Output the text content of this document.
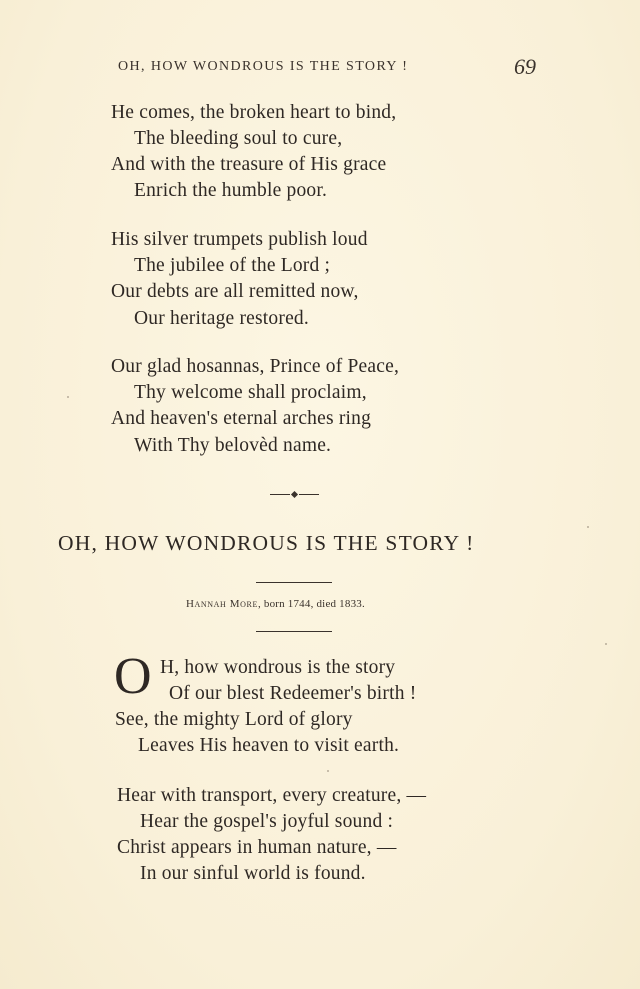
OH, HOW WONDROUS IS THE STORY !	69
He comes, the broken heart to bind,
The bleeding soul to cure,
And with the treasure of His grace
Enrich the humble poor.
His silver trumpets publish loud
The jubilee of the Lord ;
Our debts are all remitted now,
Our heritage restored.
Our glad hosannas, Prince of Peace,
Thy welcome shall proclaim,
And heaven's eternal arches ring
With Thy belovèd name.
OH, HOW WONDROUS IS THE STORY !
Hannah More, born 1744, died 1833.
O H, how wondrous is the story
Of our blest Redeemer's birth !
See, the mighty Lord of glory
Leaves His heaven to visit earth.
Hear with transport, every creature, —
Hear the gospel's joyful sound :
Christ appears in human nature, —
In our sinful world is found.
